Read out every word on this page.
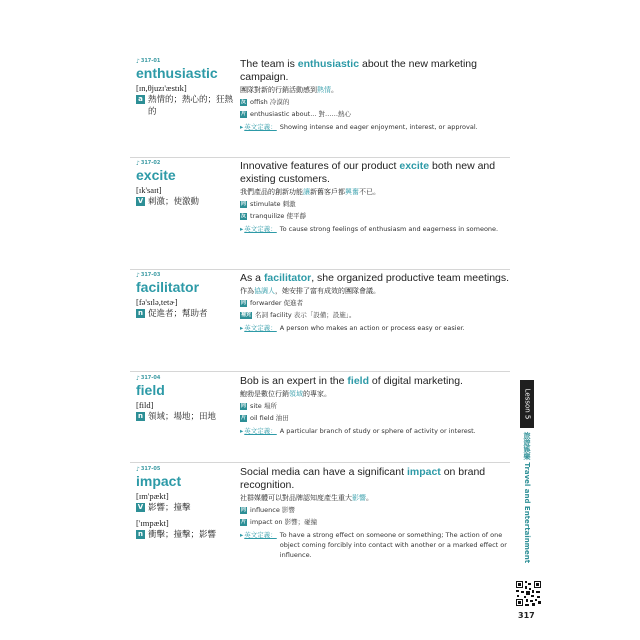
♪ 317-01
enthusiastic
[ɪn,θjuzɪ'æstɪk]
a 熱情的；熱心的；狂熱的
The team is enthusiastic about the new marketing campaign.
團隊對新的行銷活動感到熱情。
反 offish 冷漠的
片 enthusiastic about... 對……熱心
▸ 英文定義： Showing intense and eager enjoyment, interest, or approval.
♪ 317-02
excite
[ɪk'saɪt]
V 刺激；使激動
Innovative features of our product excite both new and existing customers.
我們產品的創新功能讓新舊客戶都興奮不已。
同 stimulate 刺激
反 tranquilize 使平靜
▸ 英文定義： To cause strong feelings of enthusiasm and eagerness in someone.
♪ 317-03
facilitator
[fə'sɪlə,tetɚ]
n 促進者；幫助者
As a facilitator, she organized productive team meetings.
作為協調人，她安排了富有成效的團隊會議。
同 forwarder 促進者
補充 名詞 facility 表示「設備；設施」。
▸ 英文定義： A person who makes an action or process easy or easier.
♪ 317-04
field
[fild]
n 領域；場地；田地
Bob is an expert in the field of digital marketing.
鮑勃是數位行銷領域的專家。
同 site 場所
片 oil field 油田
▸ 英文定義： A particular branch of study or sphere of activity or interest.
♪ 317-05
impact
[ɪm'pækt]
V 影響；撞擊
['ɪmpækt]
n 衝擊；撞擊；影響
Social media can have a significant impact on brand recognition.
社群媒體可以對品牌認知度產生重大影響。
同 influence 影響
片 impact on 影響；碰撞
▸ 英文定義： To have a strong effect on someone or something; The action of one object coming forcibly into contact with another or a marked effect or influence.
Lesson 5
旅遊娛樂 Travel and Entertainment
317
